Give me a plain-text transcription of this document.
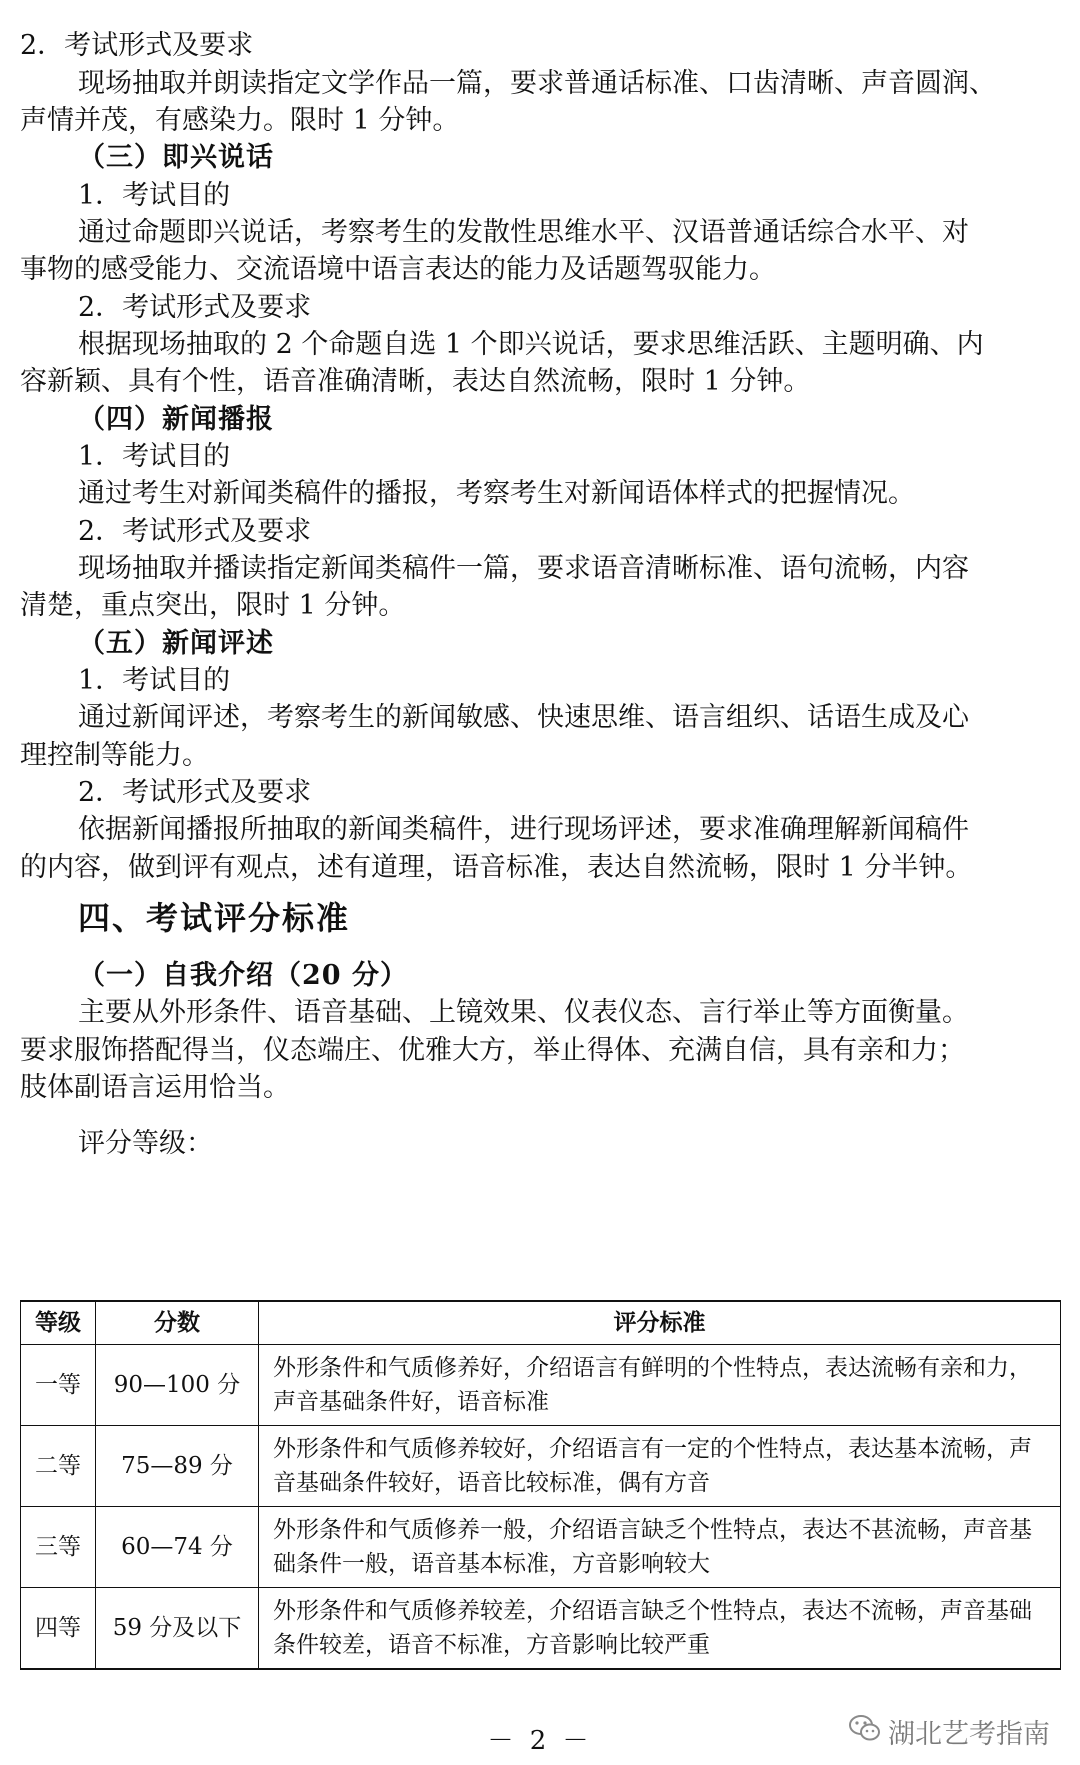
2．考试形式及要求
现场抽取并朗读指定文学作品一篇，要求普通话标准、口齿清晰、声音圆润、
声情并茂，有感染力。限时 1 分钟。
（三）即兴说话
1．考试目的
通过命题即兴说话，考察考生的发散性思维水平、汉语普通话综合水平、对
事物的感受能力、交流语境中语言表达的能力及话题驾驭能力。
2．考试形式及要求
根据现场抽取的 2 个命题自选 1 个即兴说话，要求思维活跃、主题明确、内
容新颖、具有个性，语音准确清晰，表达自然流畅，限时 1 分钟。
（四）新闻播报
1．考试目的
通过考生对新闻类稿件的播报，考察考生对新闻语体样式的把握情况。
2．考试形式及要求
现场抽取并播读指定新闻类稿件一篇，要求语音清晰标准、语句流畅，内容
清楚，重点突出，限时 1 分钟。
（五）新闻评述
1．考试目的
通过新闻评述，考察考生的新闻敏感、快速思维、语言组织、话语生成及心
理控制等能力。
2．考试形式及要求
依据新闻播报所抽取的新闻类稿件，进行现场评述，要求准确理解新闻稿件
的内容，做到评有观点，述有道理，语音标准，表达自然流畅，限时 1 分半钟。
四、考试评分标准
（一）自我介绍（20 分）
主要从外形条件、语音基础、上镜效果、仪表仪态、言行举止等方面衡量。
要求服饰搭配得当，仪态端庄、优雅大方，举止得体、充满自信，具有亲和力；
肢体副语言运用恰当。
评分等级：
等级	分数	评分标准
一等	90—100 分	外形条件和气质修养好，介绍语言有鲜明的个性特点，表达流畅有亲和力，声音基础条件好，语音标准
二等	75—89 分	外形条件和气质修养较好，介绍语言有一定的个性特点，表达基本流畅，声音基础条件较好，语音比较标准，偶有方音
三等	60—74 分	外形条件和气质修养一般，介绍语言缺乏个性特点，表达不甚流畅，声音基础条件一般，语音基本标准，方音影响较大
四等	59 分及以下	外形条件和气质修养较差，介绍语言缺乏个性特点，表达不流畅，声音基础条件较差，语音不标准，方音影响比较严重
－ 2 －	湖北艺考指南
